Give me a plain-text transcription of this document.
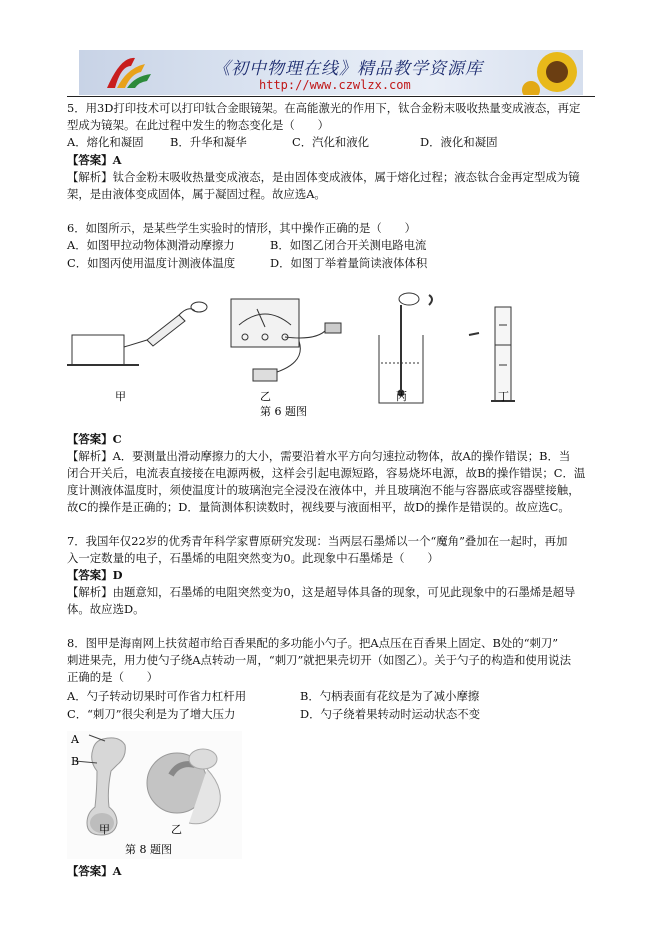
《初中物理在线》精品教学资源库
http://www.czwlzx.com
5．用3D打印技术可以打印钛合金眼镜架。在高能激光的作用下，钛合金粉末吸收热量变成液态，再定
型成为镜架。在此过程中发生的物态变化是（　　）
A．熔化和凝固 B．升华和凝华	C．汽化和液化	D．液化和凝固
【答案】A
【解析】钛合金粉末吸收热量变成液态，是由固体变成液体，属于熔化过程；液态钛合金再定型成为镜
架，是由液体变成固体，属于凝固过程。故应选A。
6．如图所示，是某些学生实验时的情形，其中操作正确的是（　　）
A．如图甲拉动物体测滑动摩擦力	B．如图乙闭合开关测电路电流
C．如图丙使用温度计测液体温度	D．如图丁举着量筒读液体体积
甲	乙	丙	丁
第 6 题图
【答案】C
【解析】A．要测量出滑动摩擦力的大小，需要沿着水平方向匀速拉动物体，故A的操作错误；B．当
闭合开关后，电流表直接接在电源两极，这样会引起电源短路，容易烧坏电源，故B的操作错误；C．温
度计测液体温度时，须使温度计的玻璃泡完全浸没在液体中，并且玻璃泡不能与容器底或容器壁接触，
故C的操作是正确的；D．量筒测体积读数时，视线要与液面相平，故D的操作是错误的。故应选C。
7．我国年仅22岁的优秀青年科学家曹原研究发现：当两层石墨烯以一个“魔角”叠加在一起时，再加
入一定数量的电子，石墨烯的电阻突然变为0。此现象中石墨烯是（　　）
【答案】D
【解析】由题意知，石墨烯的电阻突然变为0，这是超导体具备的现象，可见此现象中的石墨烯是超导
体。故应选D。
8．图甲是海南网上扶贫超市给百香果配的多功能小勺子。把A点压在百香果上固定、B处的“刺刀”
刺进果壳，用力使勺子绕A点转动一周，“刺刀”就把果壳切开（如图乙）。关于勺子的构造和使用说法
正确的是（　　）
A．勺子转动切果时可作省力杠杆用	B．勺柄表面有花纹是为了减小摩擦
C．“刺刀”很尖利是为了增大压力	D．勺子绕着果转动时运动状态不变
A
B
甲	乙
第 8 题图
【答案】A
